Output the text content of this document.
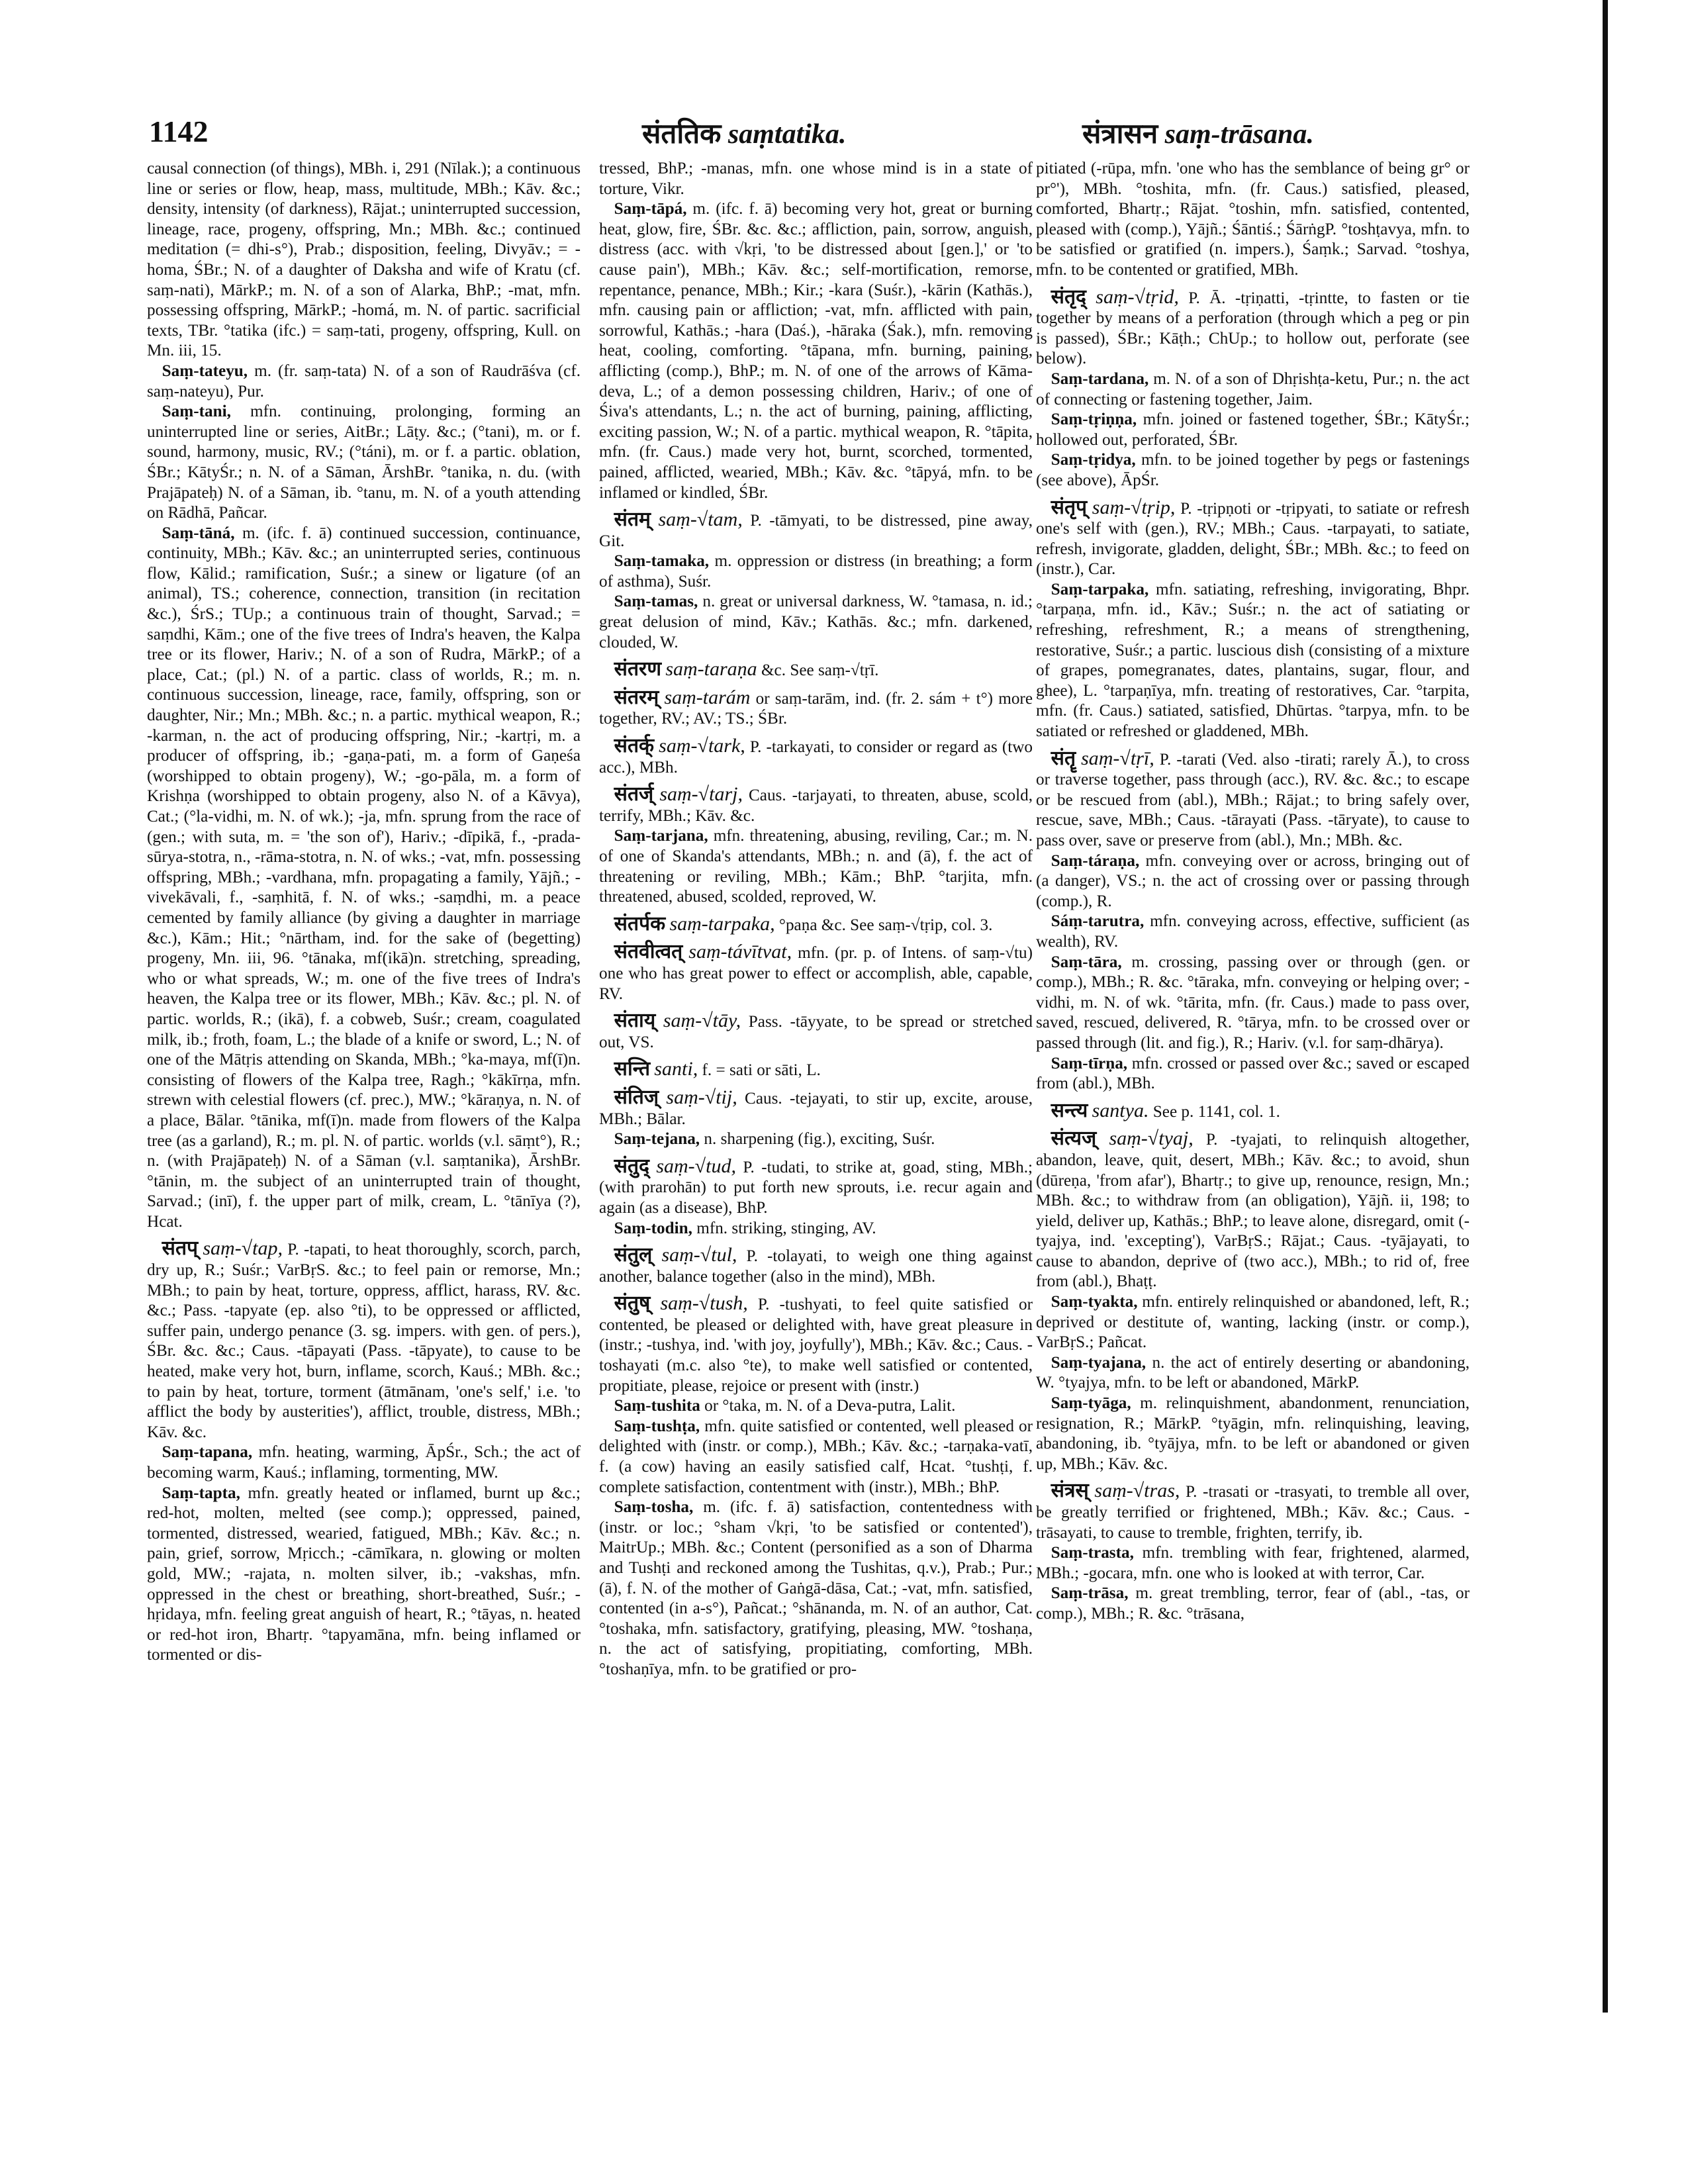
1142	संततिक saṃtatika.	संत्रासन saṃ-trāsana.

causal connection (of things), MBh. i, 291 (Nīlak.); a continuous line or series or flow, heap, mass, multitude, MBh.; Kāv. &c.; density, intensity (of darkness), Rājat.; uninterrupted succession, lineage, race, progeny, offspring, Mn.; MBh. &c.; continued meditation (= dhi-s°), Prab.; disposition, feeling, Divyāv.; = -homa, ŚBr.; N. of a daughter of Daksha and wife of Kratu (cf. saṃ-nati), MārkP.; m. N. of a son of Alarka, BhP.; -mat, mfn. possessing offspring, MārkP.; -homá, m. N. of partic. sacrificial texts, TBr. °tatika (ifc.) = saṃ-tati, progeny, offspring, Kull. on Mn. iii, 15.

Saṃ-tateyu, m. (fr. saṃ-tata) N. of a son of Raudrāśva (cf. saṃ-nateyu), Pur.

Saṃ-tani, mfn. continuing, prolonging, forming an uninterrupted line or series, AitBr.; Lāṭy. &c.; (°tani), m. or f. sound, harmony, music, RV.; (°táni), m. or f. a partic. oblation, ŚBr.; KātyŚr.; n. N. of a Sāman, ĀrshBr. °tanika, n. du. (with Prajāpateḥ) N. of a Sāman, ib. °tanu, m. N. of a youth attending on Rādhā, Pañcar.

Saṃ-tāná, m. (ifc. f. ā) continued succession, continuance, continuity, MBh.; Kāv. &c.; an uninterrupted series, continuous flow, Kālid.; ramification, Suśr.; a sinew or ligature (of an animal), TS.; coherence, connection, transition (in recitation &c.), ŚrS.; TUp.; a continuous train of thought, Sarvad.; = saṃdhi, Kām.; one of the five trees of Indra's heaven, the Kalpa tree or its flower, Hariv.; N. of a son of Rudra, MārkP.; of a place, Cat.; (pl.) N. of a partic. class of worlds, R.; m. n. continuous succession, lineage, race, family, offspring, son or daughter, Nir.; Mn.; MBh. &c.; n. a partic. mythical weapon, R.; -karman, n. the act of producing offspring, Nir.; -kartṛi, m. a producer of offspring, ib.; -gaṇa-pati, m. a form of Gaṇeśa (worshipped to obtain progeny), W.; -go-pāla, m. a form of Krishṇa (worshipped to obtain progeny, also N. of a Kāvya), Cat.; (°la-vidhi, m. N. of wk.); -ja, mfn. sprung from the race of (gen.; with suta, m. = 'the son of'), Hariv.; -dīpikā, f., -prada-sūrya-stotra, n., -rāma-stotra, n. N. of wks.; -vat, mfn. possessing offspring, MBh.; -vardhana, mfn. propagating a family, Yājñ.; -vivekāvali, f., -saṃhitā, f. N. of wks.; -saṃdhi, m. a peace cemented by family alliance (by giving a daughter in marriage &c.), Kām.; Hit.; °nārtham, ind. for the sake of (begetting) progeny, Mn. iii, 96. °tānaka, mf(ikā)n. stretching, spreading, who or what spreads, W.; m. one of the five trees of Indra's heaven, the Kalpa tree or its flower, MBh.; Kāv. &c.; pl. N. of partic. worlds, R.; (ikā), f. a cobweb, Suśr.; cream, coagulated milk, ib.; froth, foam, L.; the blade of a knife or sword, L.; N. of one of the Mātṛis attending on Skanda, MBh.; °ka-maya, mf(ī)n. consisting of flowers of the Kalpa tree, Ragh.; °kākīrṇa, mfn. strewn with celestial flowers (cf. prec.), MW.; °kāraṇya, n. N. of a place, Bālar. °tānika, mf(ī)n. made from flowers of the Kalpa tree (as a garland), R.; m. pl. N. of partic. worlds (v.l. sāṃt°), R.; n. (with Prajāpateḥ) N. of a Sāman (v.l. saṃtanika), ĀrshBr. °tānin, m. the subject of an uninterrupted train of thought, Sarvad.; (inī), f. the upper part of milk, cream, L. °tānīya (?), Hcat.

संतप् saṃ-√tap, P. -tapati, to heat thoroughly, scorch, parch, dry up, R.; Suśr.; VarBṛS. &c.; to feel pain or remorse, Mn.; MBh.; to pain by heat, torture, oppress, afflict, harass, RV. &c. &c.; Pass. -tapyate (ep. also °ti), to be oppressed or afflicted, suffer pain, undergo penance (3. sg. impers. with gen. of pers.), ŚBr. &c. &c.; Caus. -tāpayati (Pass. -tāpyate), to cause to be heated, make very hot, burn, inflame, scorch, Kauś.; MBh. &c.; to pain by heat, torture, torment (ātmānam, 'one's self,' i.e. 'to afflict the body by austerities'), afflict, trouble, distress, MBh.; Kāv. &c.

Saṃ-tapana, mfn. heating, warming, ĀpŚr., Sch.; the act of becoming warm, Kauś.; inflaming, tormenting, MW.

Saṃ-tapta, mfn. greatly heated or inflamed, burnt up &c.; red-hot, molten, melted (see comp.); oppressed, pained, tormented, distressed, wearied, fatigued, MBh.; Kāv. &c.; n. pain, grief, sorrow, Mṛicch.; -cāmīkara, n. glowing or molten gold, MW.; -rajata, n. molten silver, ib.; -vakshas, mfn. oppressed in the chest or breathing, short-breathed, Suśr.; -hṛidaya, mfn. feeling great anguish of heart, R.; °tāyas, n. heated or red-hot iron, Bhartṛ. °tapyamāna, mfn. being inflamed or tormented or dis-

tressed, BhP.; -manas, mfn. one whose mind is in a state of torture, Vikr.

Saṃ-tāpá, m. (ifc. f. ā) becoming very hot, great or burning heat, glow, fire, ŚBr. &c. &c.; affliction, pain, sorrow, anguish, distress (acc. with √kṛi, 'to be distressed about [gen.],' or 'to cause pain'), MBh.; Kāv. &c.; self-mortification, remorse, repentance, penance, MBh.; Kir.; -kara (Suśr.), -kārin (Kathās.), mfn. causing pain or affliction; -vat, mfn. afflicted with pain, sorrowful, Kathās.; -hara (Daś.), -hāraka (Śak.), mfn. removing heat, cooling, comforting. °tāpana, mfn. burning, paining, afflicting (comp.), BhP.; m. N. of one of the arrows of Kāma-deva, L.; of a demon possessing children, Hariv.; of one of Śiva's attendants, L.; n. the act of burning, paining, afflicting, exciting passion, W.; N. of a partic. mythical weapon, R. °tāpita, mfn. (fr. Caus.) made very hot, burnt, scorched, tormented, pained, afflicted, wearied, MBh.; Kāv. &c. °tāpyá, mfn. to be inflamed or kindled, ŚBr.

संतम् saṃ-√tam, P. -tāmyati, to be distressed, pine away, Git.

Saṃ-tamaka, m. oppression or distress (in breathing; a form of asthma), Suśr.

Saṃ-tamas, n. great or universal darkness, W. °tamasa, n. id.; great delusion of mind, Kāv.; Kathās. &c.; mfn. darkened, clouded, W.

संतरण saṃ-taraṇa &c. See saṃ-√tṛī.

संतरम् saṃ-tarám or saṃ-tarām, ind. (fr. 2. sám + t°) more together, RV.; AV.; TS.; ŚBr.

संतर्क् saṃ-√tark, P. -tarkayati, to consider or regard as (two acc.), MBh.

संतर्ज् saṃ-√tarj, Caus. -tarjayati, to threaten, abuse, scold, terrify, MBh.; Kāv. &c.

Saṃ-tarjana, mfn. threatening, abusing, reviling, Car.; m. N. of one of Skanda's attendants, MBh.; n. and (ā), f. the act of threatening or reviling, MBh.; Kām.; BhP. °tarjita, mfn. threatened, abused, scolded, reproved, W.

संतर्पक saṃ-tarpaka, °paṇa &c. See saṃ-√tṛip, col. 3.

संतवीत्वत् saṃ-távītvat, mfn. (pr. p. of Intens. of saṃ-√tu) one who has great power to effect or accomplish, able, capable, RV.

संताय् saṃ-√tāy, Pass. -tāyyate, to be spread or stretched out, VS.

सन्ति santi, f. = sati or sāti, L.

संतिज् saṃ-√tij, Caus. -tejayati, to stir up, excite, arouse, MBh.; Bālar.

Saṃ-tejana, n. sharpening (fig.), exciting, Suśr.

संतुद् saṃ-√tud, P. -tudati, to strike at, goad, sting, MBh.; (with prarohān) to put forth new sprouts, i.e. recur again and again (as a disease), BhP.

Saṃ-todin, mfn. striking, stinging, AV.

संतुल् saṃ-√tul, P. -tolayati, to weigh one thing against another, balance together (also in the mind), MBh.

संतुष् saṃ-√tush, P. -tushyati, to feel quite satisfied or contented, be pleased or delighted with, have great pleasure in (instr.; -tushya, ind. 'with joy, joyfully'), MBh.; Kāv. &c.; Caus. -toshayati (m.c. also °te), to make well satisfied or contented, propitiate, please, rejoice or present with (instr.)

Saṃ-tushita or °taka, m. N. of a Deva-putra, Lalit.

Saṃ-tushṭa, mfn. quite satisfied or contented, well pleased or delighted with (instr. or comp.), MBh.; Kāv. &c.; -tarṇaka-vatī, f. (a cow) having an easily satisfied calf, Hcat. °tushṭi, f. complete satisfaction, contentment with (instr.), MBh.; BhP.

Saṃ-tosha, m. (ifc. f. ā) satisfaction, contentedness with (instr. or loc.; °sham √kṛi, 'to be satisfied or contented'), MaitrUp.; MBh. &c.; Content (personified as a son of Dharma and Tushṭi and reckoned among the Tushitas, q.v.), Prab.; Pur.; (ā), f. N. of the mother of Gaṅgā-dāsa, Cat.; -vat, mfn. satisfied, contented (in a-s°), Pañcat.; °shānanda, m. N. of an author, Cat. °toshaka, mfn. satisfactory, gratifying, pleasing, MW. °toshaṇa, n. the act of satisfying, propitiating, comforting, MBh. °toshaṇīya, mfn. to be gratified or pro-

pitiated (-rūpa, mfn. 'one who has the semblance of being gr° or pr°'), MBh. °toshita, mfn. (fr. Caus.) satisfied, pleased, comforted, Bhartṛ.; Rājat. °toshin, mfn. satisfied, contented, pleased with (comp.), Yājñ.; Śāntiś.; ŚārṅgP. °toshṭavya, mfn. to be satisfied or gratified (n. impers.), Śaṃk.; Sarvad. °toshya, mfn. to be contented or gratified, MBh.

संतृद् saṃ-√tṛid, P. Ā. -tṛiṇatti, -tṛintte, to fasten or tie together by means of a perforation (through which a peg or pin is passed), ŚBr.; Kāṭh.; ChUp.; to hollow out, perforate (see below).

Saṃ-tardana, m. N. of a son of Dhṛishṭa-ketu, Pur.; n. the act of connecting or fastening together, Jaim.

Saṃ-tṛiṇṇa, mfn. joined or fastened together, ŚBr.; KātyŚr.; hollowed out, perforated, ŚBr.

Saṃ-tṛidya, mfn. to be joined together by pegs or fastenings (see above), ĀpŚr.

संतृप् saṃ-√tṛip, P. -tṛipṇoti or -tṛipyati, to satiate or refresh one's self with (gen.), RV.; MBh.; Caus. -tarpayati, to satiate, refresh, invigorate, gladden, delight, ŚBr.; MBh. &c.; to feed on (instr.), Car.

Saṃ-tarpaka, mfn. satiating, refreshing, invigorating, Bhpr. °tarpaṇa, mfn. id., Kāv.; Suśr.; n. the act of satiating or refreshing, refreshment, R.; a means of strengthening, restorative, Suśr.; a partic. luscious dish (consisting of a mixture of grapes, pomegranates, dates, plantains, sugar, flour, and ghee), L. °tarpaṇīya, mfn. treating of restoratives, Car. °tarpita, mfn. (fr. Caus.) satiated, satisfied, Dhūrtas. °tarpya, mfn. to be satiated or refreshed or gladdened, MBh.

संतॄ saṃ-√tṛī, P. -tarati (Ved. also -tirati; rarely Ā.), to cross or traverse together, pass through (acc.), RV. &c. &c.; to escape or be rescued from (abl.), MBh.; Rājat.; to bring safely over, rescue, save, MBh.; Caus. -tārayati (Pass. -tāryate), to cause to pass over, save or preserve from (abl.), Mn.; MBh. &c.

Saṃ-táraṇa, mfn. conveying over or across, bringing out of (a danger), VS.; n. the act of crossing over or passing through (comp.), R.

Sáṃ-tarutra, mfn. conveying across, effective, sufficient (as wealth), RV.

Saṃ-tāra, m. crossing, passing over or through (gen. or comp.), MBh.; R. &c. °tāraka, mfn. conveying or helping over; -vidhi, m. N. of wk. °tārita, mfn. (fr. Caus.) made to pass over, saved, rescued, delivered, R. °tārya, mfn. to be crossed over or passed through (lit. and fig.), R.; Hariv. (v.l. for saṃ-dhārya).

Saṃ-tīrṇa, mfn. crossed or passed over &c.; saved or escaped from (abl.), MBh.

सन्त्य santya. See p. 1141, col. 1.

संत्यज् saṃ-√tyaj, P. -tyajati, to relinquish altogether, abandon, leave, quit, desert, MBh.; Kāv. &c.; to avoid, shun (dūreṇa, 'from afar'), Bhartṛ.; to give up, renounce, resign, Mn.; MBh. &c.; to withdraw from (an obligation), Yājñ. ii, 198; to yield, deliver up, Kathās.; BhP.; to leave alone, disregard, omit (-tyajya, ind. 'excepting'), VarBṛS.; Rājat.; Caus. -tyājayati, to cause to abandon, deprive of (two acc.), MBh.; to rid of, free from (abl.), Bhaṭṭ.

Saṃ-tyakta, mfn. entirely relinquished or abandoned, left, R.; deprived or destitute of, wanting, lacking (instr. or comp.), VarBṛS.; Pañcat.

Saṃ-tyajana, n. the act of entirely deserting or abandoning, W. °tyajya, mfn. to be left or abandoned, MārkP.

Saṃ-tyāga, m. relinquishment, abandonment, renunciation, resignation, R.; MārkP. °tyāgin, mfn. relinquishing, leaving, abandoning, ib. °tyājya, mfn. to be left or abandoned or given up, MBh.; Kāv. &c.

संत्रस् saṃ-√tras, P. -trasati or -trasyati, to tremble all over, be greatly terrified or frightened, MBh.; Kāv. &c.; Caus. -trāsayati, to cause to tremble, frighten, terrify, ib.

Saṃ-trasta, mfn. trembling with fear, frightened, alarmed, MBh.; -gocara, mfn. one who is looked at with terror, Car.

Saṃ-trāsa, m. great trembling, terror, fear of (abl., -tas, or comp.), MBh.; R. &c. °trāsana,
